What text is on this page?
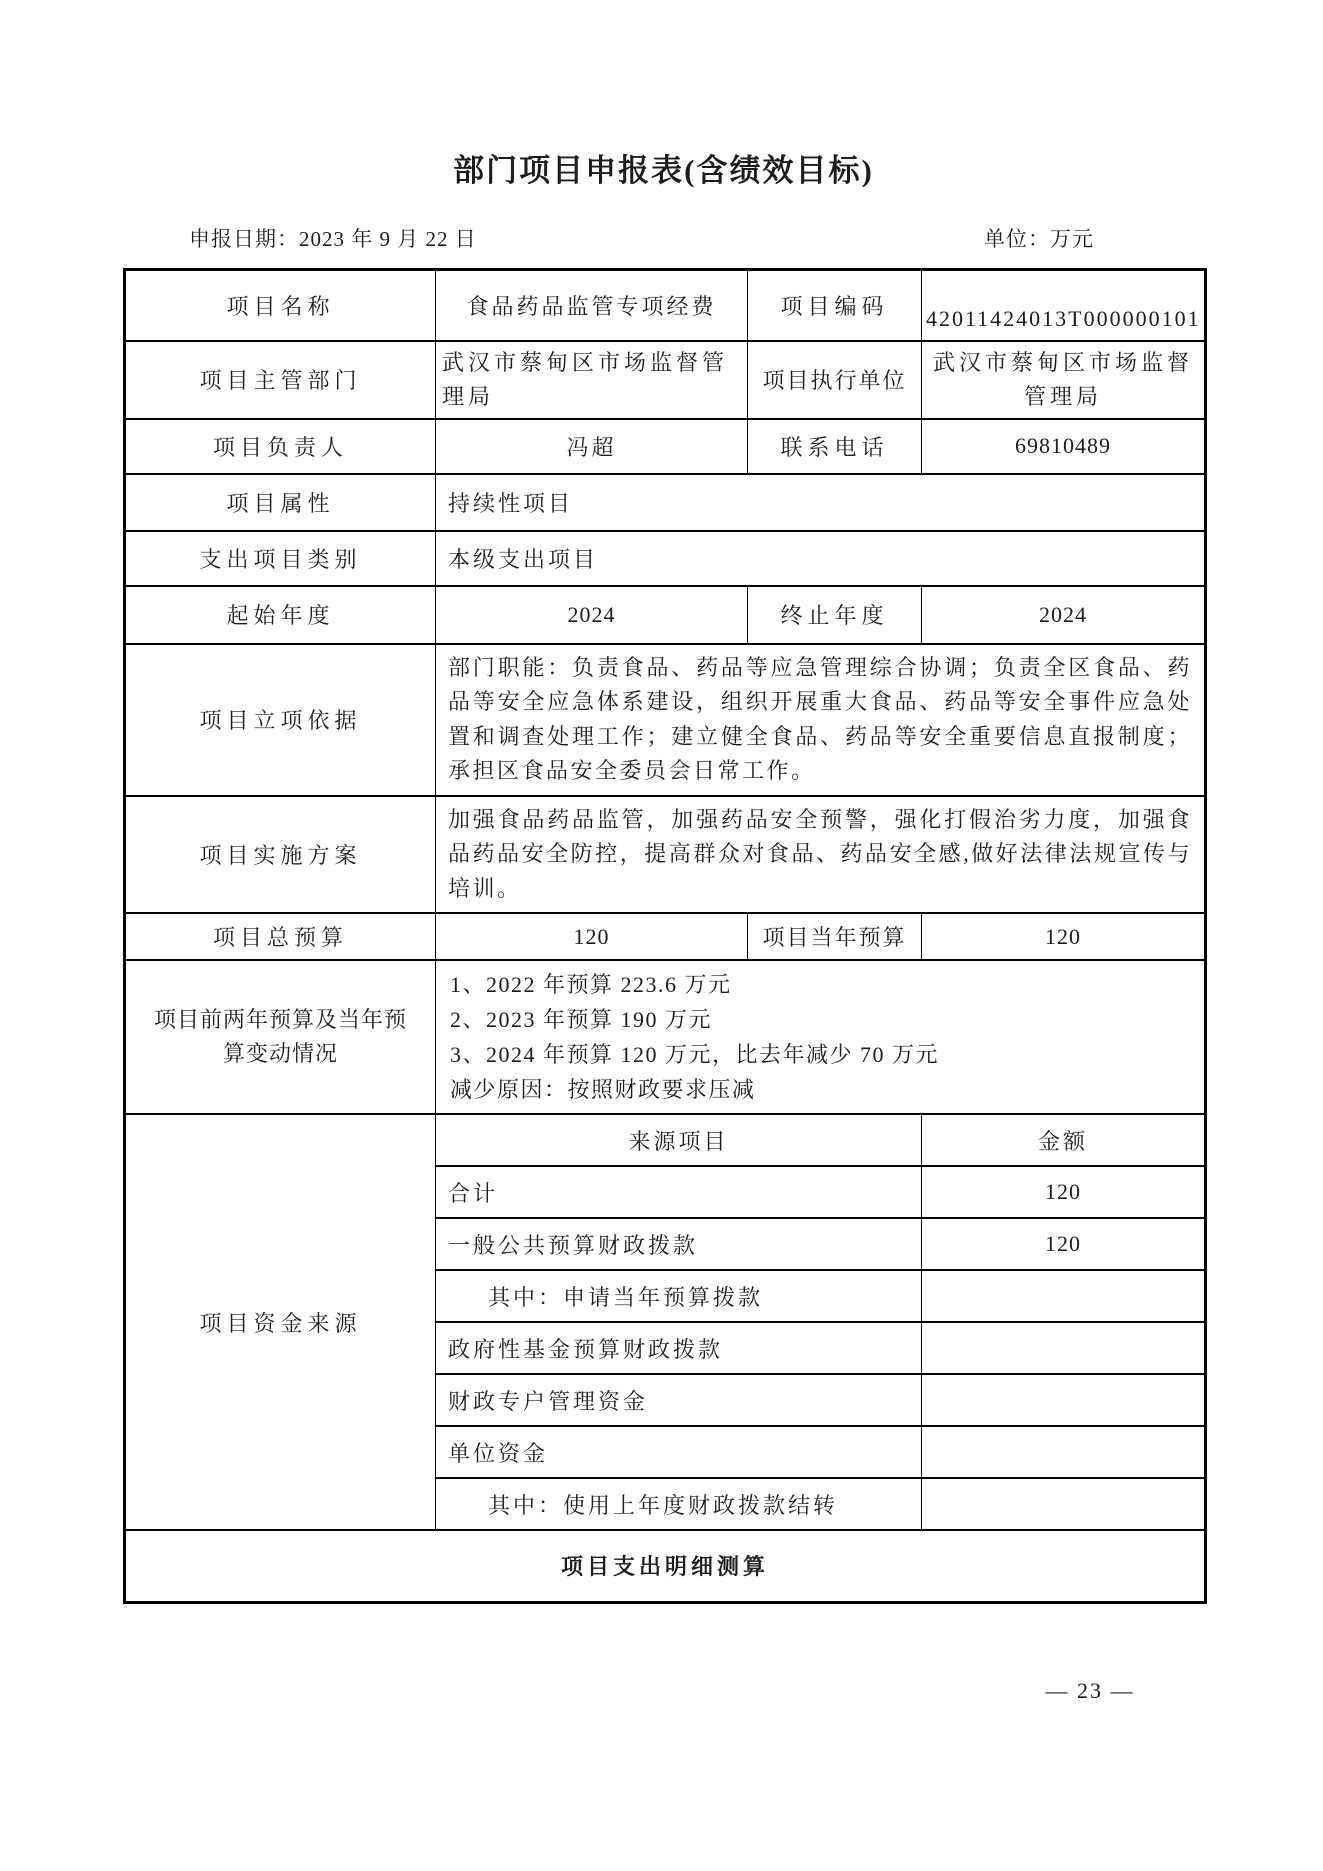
部门项目申报表(含绩效目标)
申报日期：2023 年 9 月 22 日	单位：万元
项目名称	食品药品监管专项经费	项目编码	42011424013T000000101
项目主管部门	武汉市蔡甸区市场监督管理局	项目执行单位	武汉市蔡甸区市场监督管理局
项目负责人	冯超	联系电话	69810489
项目属性	持续性项目		
支出项目类别	本级支出项目		
起始年度	2024	终止年度	2024
项目立项依据	部门职能：负责食品、药品等应急管理综合协调；负责全区食品、药品等安全应急体系建设，组织开展重大食品、药品等安全事件应急处置和调查处理工作；建立健全食品、药品等安全重要信息直报制度；承担区食品安全委员会日常工作。		
项目实施方案	加强食品药品监管，加强药品安全预警，强化打假治劣力度，加强食品药品安全防控，提高群众对食品、药品安全感,做好法律法规宣传与培训。		
项目总预算	120	项目当年预算	120
项目前两年预算及当年预算变动情况	1、2022 年预算 223.6 万元
2、2023 年预算 190 万元
3、2024 年预算 120 万元，比去年减少 70 万元
减少原因：按照财政要求压减		

项目资金来源	来源项目		金额
	合计		120
	一般公共预算财政拨款		120
	其中：申请当年预算拨款		
	政府性基金预算财政拨款		
	财政专户管理资金		
	单位资金		
	其中：使用上年度财政拨款结转		
项目支出明细测算			
— 23 —
